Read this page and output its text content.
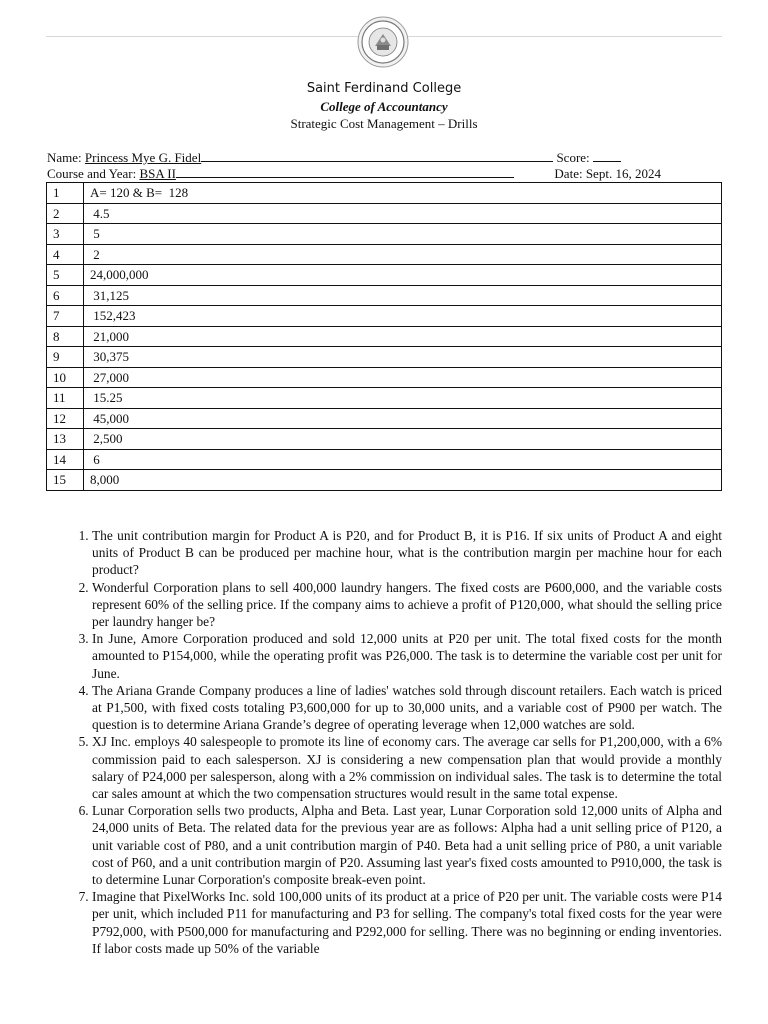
Saint Ferdinand College
College of Accountancy
Strategic Cost Management – Drills
Name: Princess Mye G. Fidel	Score:
Course and Year: BSA II	Date: Sept. 16, 2024
1	A= 120 & B=  128
2	4.5
3	5
4	2
5	24,000,000
6	31,125
7	152,423
8	21,000
9	30,375
10	27,000
11	15.25
12	45,000
13	2,500
14	6
15	8,000
1. The unit contribution margin for Product A is P20, and for Product B, it is P16. If six units of Product A and eight units of Product B can be produced per machine hour, what is the contribution margin per machine hour for each product?
2. Wonderful Corporation plans to sell 400,000 laundry hangers. The fixed costs are P600,000, and the variable costs represent 60% of the selling price. If the company aims to achieve a profit of P120,000, what should the selling price per laundry hanger be?
3. In June, Amore Corporation produced and sold 12,000 units at P20 per unit. The total fixed costs for the month amounted to P154,000, while the operating profit was P26,000. The task is to determine the variable cost per unit for June.
4. The Ariana Grande Company produces a line of ladies' watches sold through discount retailers. Each watch is priced at P1,500, with fixed costs totaling P3,600,000 for up to 30,000 units, and a variable cost of P900 per watch. The question is to determine Ariana Grande’s degree of operating leverage when 12,000 watches are sold.
5. XJ Inc. employs 40 salespeople to promote its line of economy cars. The average car sells for P1,200,000, with a 6% commission paid to each salesperson. XJ is considering a new compensation plan that would provide a monthly salary of P24,000 per salesperson, along with a 2% commission on individual sales. The task is to determine the total car sales amount at which the two compensation structures would result in the same total expense.
6. Lunar Corporation sells two products, Alpha and Beta. Last year, Lunar Corporation sold 12,000 units of Alpha and 24,000 units of Beta. The related data for the previous year are as follows: Alpha had a unit selling price of P120, a unit variable cost of P80, and a unit contribution margin of P40. Beta had a unit selling price of P80, a unit variable cost of P60, and a unit contribution margin of P20. Assuming last year's fixed costs amounted to P910,000, the task is to determine Lunar Corporation's composite break-even point.
7. Imagine that PixelWorks Inc. sold 100,000 units of its product at a price of P20 per unit. The variable costs were P14 per unit, which included P11 for manufacturing and P3 for selling. The company's total fixed costs for the year were P792,000, with P500,000 for manufacturing and P292,000 for selling. There was no beginning or ending inventories. If labor costs made up 50% of the variable
